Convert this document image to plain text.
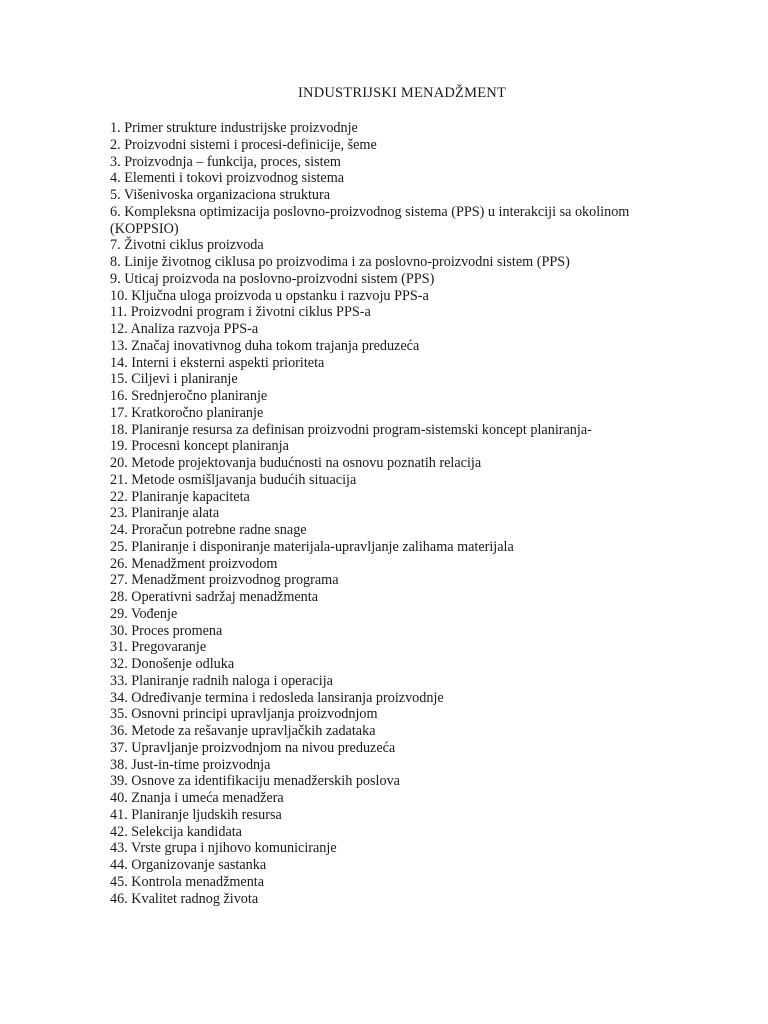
INDUSTRIJSKI MENADŽMENT
1. Primer strukture industrijske proizvodnje
2. Proizvodni sistemi i procesi-definicije, šeme
3. Proizvodnja – funkcija, proces, sistem
4. Elementi i tokovi proizvodnog sistema
5. Višenivoska organizaciona struktura
6. Kompleksna optimizacija poslovno-proizvodnog sistema (PPS) u interakciji sa okolinom (KOPPSIO)
7. Životni ciklus proizvoda
8. Linije životnog ciklusa po proizvodima i za poslovno-proizvodni sistem (PPS)
9. Uticaj proizvoda na poslovno-proizvodni sistem (PPS)
10. Ključna uloga proizvoda u opstanku i razvoju PPS-a
11. Proizvodni program i životni ciklus PPS-a
12. Analiza razvoja PPS-a
13. Značaj inovativnog duha tokom trajanja preduzeća
14. Interni i eksterni aspekti prioriteta
15. Ciljevi i planiranje
16. Srednjeročno planiranje
17. Kratkoročno planiranje
18. Planiranje resursa za definisan proizvodni program-sistemski koncept planiranja-
19. Procesni koncept planiranja
20. Metode projektovanja budućnosti na osnovu poznatih relacija
21. Metode osmišljavanja budućih situacija
22. Planiranje kapaciteta
23. Planiranje alata
24. Proračun potrebne radne snage
25. Planiranje i disponiranje materijala-upravljanje zalihama materijala
26. Menadžment proizvodom
27. Menadžment proizvodnog programa
28. Operativni sadržaj menadžmenta
29. Vođenje
30. Proces promena
31. Pregovaranje
32. Donošenje odluka
33. Planiranje radnih naloga i operacija
34. Određivanje termina i redosleda lansiranja proizvodnje
35. Osnovni principi upravljanja proizvodnjom
36. Metode za rešavanje upravljačkih zadataka
37. Upravljanje proizvodnjom na nivou preduzeća
38. Just-in-time proizvodnja
39. Osnove za identifikaciju menadžerskih poslova
40. Znanja i umeća menadžera
41. Planiranje ljudskih resursa
42. Selekcija kandidata
43. Vrste grupa i njihovo komuniciranje
44. Organizovanje sastanka
45. Kontrola menadžmenta
46. Kvalitet radnog života
